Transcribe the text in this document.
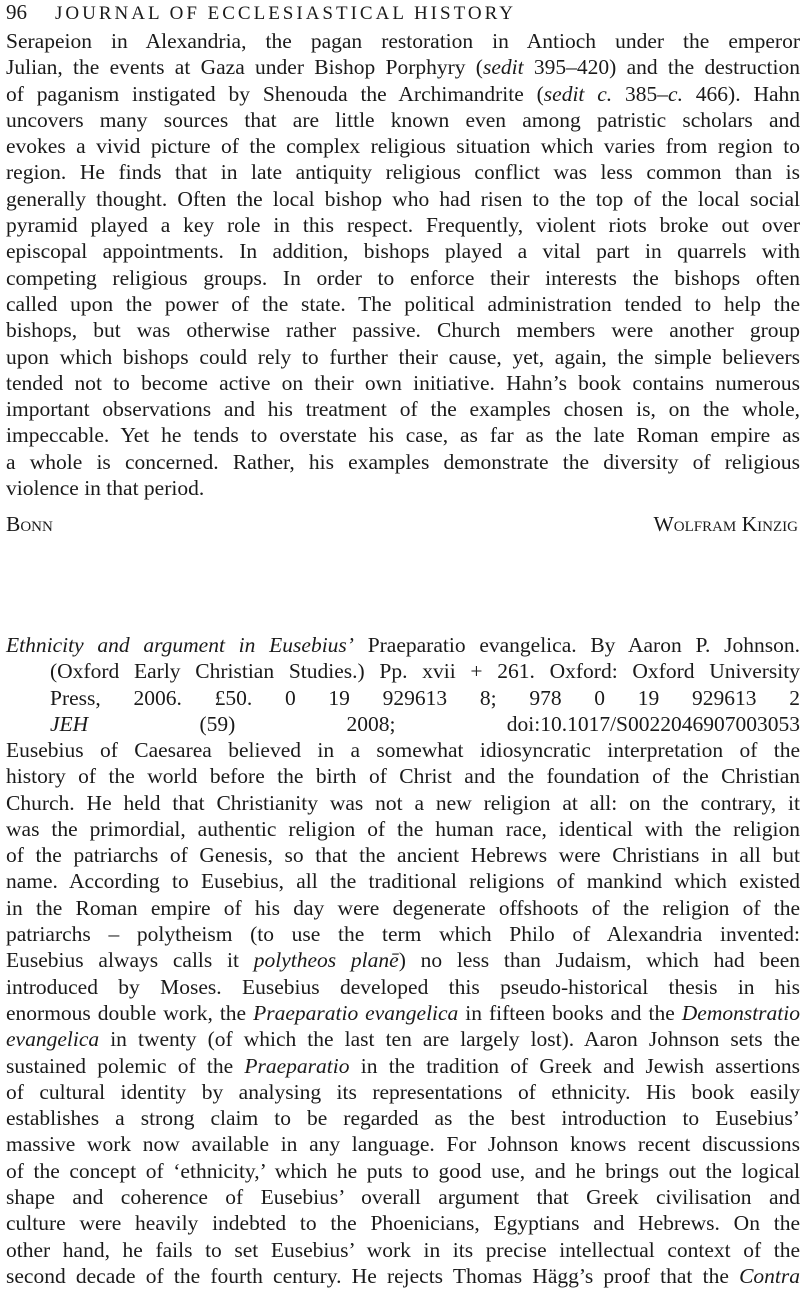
96 JOURNAL OF ECCLESIASTICAL HISTORY
Serapeion in Alexandria, the pagan restoration in Antioch under the emperor
Julian, the events at Gaza under Bishop Porphyry (sedit 395–420) and the destruction
of paganism instigated by Shenouda the Archimandrite (sedit c. 385–c. 466). Hahn
uncovers many sources that are little known even among patristic scholars and
evokes a vivid picture of the complex religious situation which varies from region to
region. He finds that in late antiquity religious conflict was less common than is
generally thought. Often the local bishop who had risen to the top of the local social
pyramid played a key role in this respect. Frequently, violent riots broke out over
episcopal appointments. In addition, bishops played a vital part in quarrels with
competing religious groups. In order to enforce their interests the bishops often
called upon the power of the state. The political administration tended to help the
bishops, but was otherwise rather passive. Church members were another group
upon which bishops could rely to further their cause, yet, again, the simple believers
tended not to become active on their own initiative. Hahn’s book contains numerous
important observations and his treatment of the examples chosen is, on the whole,
impeccable. Yet he tends to overstate his case, as far as the late Roman empire as
a whole is concerned. Rather, his examples demonstrate the diversity of religious
violence in that period.
Bonn	Wolfram Kinzig
Ethnicity and argument in Eusebius’ Praeparatio evangelica. By Aaron P. Johnson.
(Oxford Early Christian Studies.) Pp. xvii + 261. Oxford: Oxford University
Press, 2006. £50. 0 19 929613 8; 978 0 19 929613 2
JEH (59) 2008; doi:10.1017/S0022046907003053
Eusebius of Caesarea believed in a somewhat idiosyncratic interpretation of the
history of the world before the birth of Christ and the foundation of the Christian
Church. He held that Christianity was not a new religion at all: on the contrary, it
was the primordial, authentic religion of the human race, identical with the religion
of the patriarchs of Genesis, so that the ancient Hebrews were Christians in all but
name. According to Eusebius, all the traditional religions of mankind which existed
in the Roman empire of his day were degenerate offshoots of the religion of the
patriarchs – polytheism (to use the term which Philo of Alexandria invented:
Eusebius always calls it polytheos planē) no less than Judaism, which had been
introduced by Moses. Eusebius developed this pseudo-historical thesis in his
enormous double work, the Praeparatio evangelica in fifteen books and the Demonstratio
evangelica in twenty (of which the last ten are largely lost). Aaron Johnson sets the
sustained polemic of the Praeparatio in the tradition of Greek and Jewish assertions
of cultural identity by analysing its representations of ethnicity. His book easily
establishes a strong claim to be regarded as the best introduction to Eusebius’
massive work now available in any language. For Johnson knows recent discussions
of the concept of ‘ethnicity,’ which he puts to good use, and he brings out the logical
shape and coherence of Eusebius’ overall argument that Greek civilisation and
culture were heavily indebted to the Phoenicians, Egyptians and Hebrews. On the
other hand, he fails to set Eusebius’ work in its precise intellectual context of the
second decade of the fourth century. He rejects Thomas Hägg’s proof that the Contra
